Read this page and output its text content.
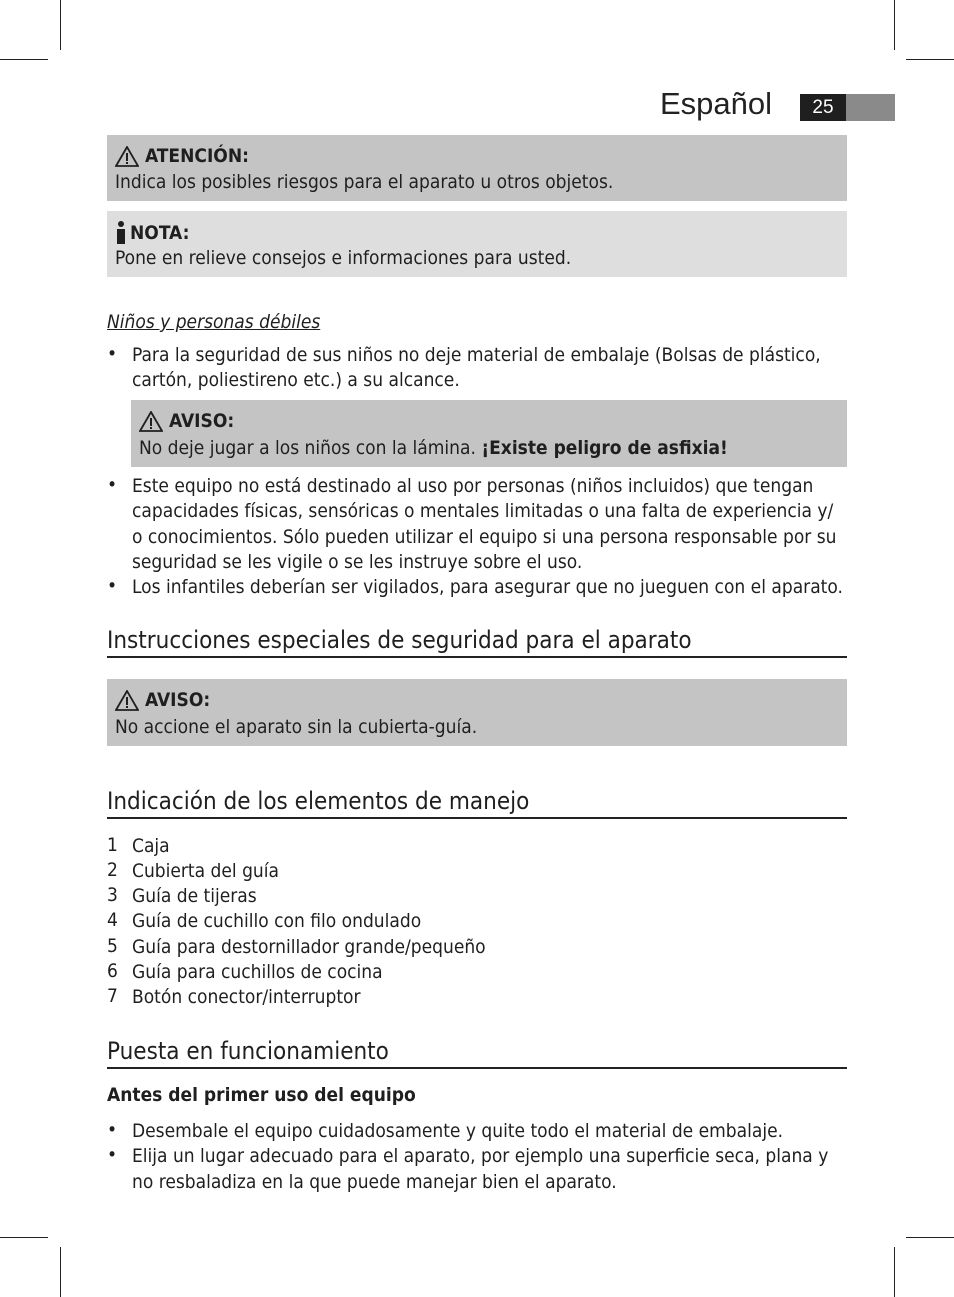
Español	25
ATENCIÓN:
Indica los posibles riesgos para el aparato u otros objetos.
NOTA:
Pone en relieve consejos e informaciones para usted.
Niños y personas débiles
• Para la seguridad de sus niños no deje material de embalaje (Bolsas de plástico,
cartón, poliestireno etc.) a su alcance.
AVISO:
No deje jugar a los niños con la lámina. ¡Existe peligro de asfixia!
• Este equipo no está destinado al uso por personas (niños incluidos) que tengan
capacidades físicas, sensóricas o mentales limitadas o una falta de experiencia y/
o conocimientos. Sólo pueden utilizar el equipo si una persona responsable por su
seguridad se les vigile o se les instruye sobre el uso.
• Los infantiles deberían ser vigilados, para asegurar que no jueguen con el aparato.
Instrucciones especiales de seguridad para el aparato
AVISO:
No accione el aparato sin la cubierta-guía.
Indicación de los elementos de manejo
1 Caja
2 Cubierta del guía
3 Guía de tijeras
4 Guía de cuchillo con filo ondulado
5 Guía para destornillador grande/pequeño
6 Guía para cuchillos de cocina
7 Botón conector/interruptor
Puesta en funcionamiento
Antes del primer uso del equipo
• Desembale el equipo cuidadosamente y quite todo el material de embalaje.
• Elija un lugar adecuado para el aparato, por ejemplo una superficie seca, plana y
no resbaladiza en la que puede manejar bien el aparato.
